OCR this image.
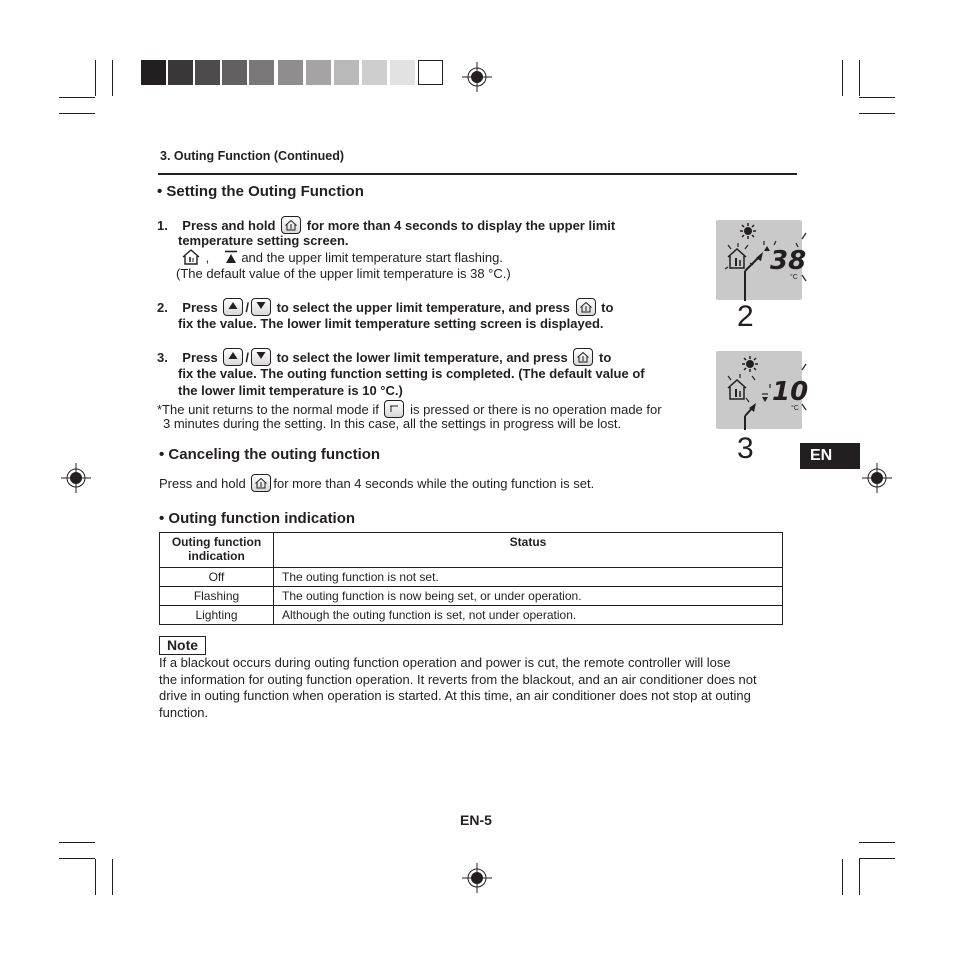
3. Outing Function (Continued)
• Setting the Outing Function
1.    Press and hold for more than 4 seconds to display the upper limit
temperature setting screen.
, and the upper limit temperature start flashing.
(The default value of the upper limit temperature is 38 °C.)
2.    Press / to select the upper limit temperature, and press to
fix the value. The lower limit temperature setting screen is displayed.
3.    Press / to select the lower limit temperature, and press to
fix the value. The outing function setting is completed. (The default value of
the lower limit temperature is 10 °C.)
*The unit returns to the normal mode if is pressed or there is no operation made for
3 minutes during the setting. In this case, all the settings in progress will be lost.
38
°C
2
10
°C
3	EN
• Canceling the outing function
Press and hold for more than 4 seconds while the outing function is set.
• Outing function indication
Outing function indication	Status
Off	The outing function is not set.
Flashing	The outing function is now being set, or under operation.
Lighting	Although the outing function is set, not under operation.
Note
If a blackout occurs during outing function operation and power is cut, the remote controller will lose
the information for outing function operation. It reverts from the blackout, and an air conditioner does not
drive in outing function when operation is started. At this time, an air conditioner does not stop at outing
function.
EN-5
